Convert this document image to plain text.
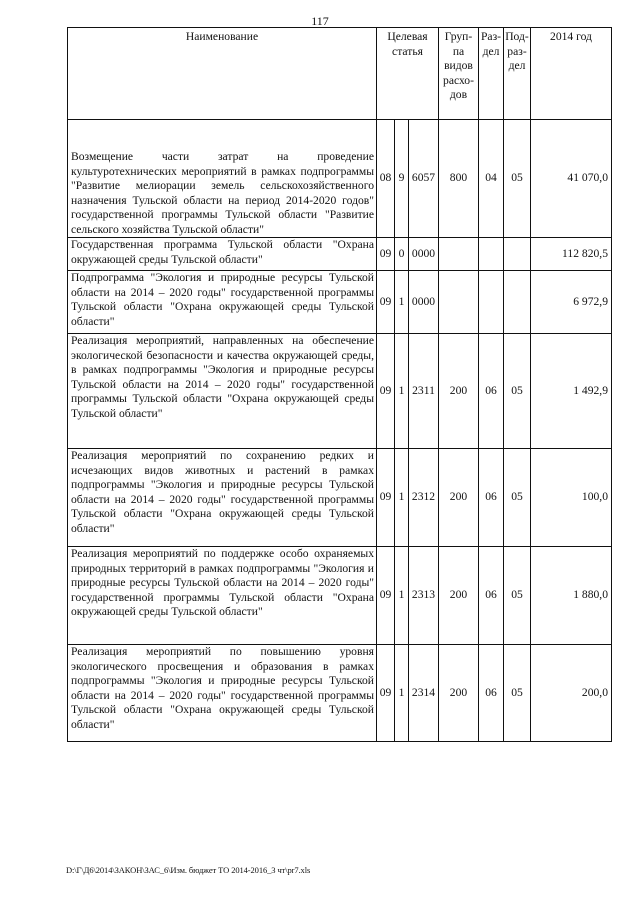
117
Наименование	Целевая статья			Груп-па видов расхо-дов	Раз-дел	Под-раз-дел	2014 год
Возмещение части затрат на проведение культуротехнических мероприятий в рамках подпрограммы "Развитие мелиорации земель сельскохозяйственного назначения Тульской области на период 2014-2020 годов" государственной программы Тульской области "Развитие сельского хозяйства Тульской области"	08	9	6057	800	04	05	41 070,0
Государственная программа Тульской области "Охрана окружающей среды Тульской области"	09	0	0000				112 820,5
Подпрограмма "Экология и природные ресурсы Тульской области на 2014 – 2020 годы" государственной программы Тульской области "Охрана окружающей среды Тульской области"	09	1	0000				6 972,9
Реализация мероприятий, направленных на обеспечение экологической безопасности и качества окружающей среды, в рамках подпрограммы "Экология и природные ресурсы Тульской области на 2014 – 2020 годы" государственной программы Тульской области "Охрана окружающей среды Тульской области"	09	1	2311	200	06	05	1 492,9
Реализация мероприятий по сохранению редких и исчезающих видов животных и растений в рамках подпрограммы "Экология и природные ресурсы Тульской области на 2014 – 2020 годы" государственной программы Тульской области "Охрана окружающей среды Тульской области"	09	1	2312	200	06	05	100,0
Реализация мероприятий по поддержке особо охраняемых природных территорий в рамках подпрограммы "Экология и природные ресурсы Тульской области на 2014 – 2020 годы" государственной программы Тульской области "Охрана окружающей среды Тульской области"	09	1	2313	200	06	05	1 880,0
Реализация мероприятий по повышению уровня экологического просвещения и образования в рамках подпрограммы "Экология и природные ресурсы Тульской области на 2014 – 2020 годы" государственной программы Тульской области "Охрана окружающей среды Тульской области"	09	1	2314	200	06	05	200,0
D:\Г\Д6\2014\ЗАКОН\ЗАС_6\Изм. бюджет ТО 2014-2016_3 чт\pr7.xls
